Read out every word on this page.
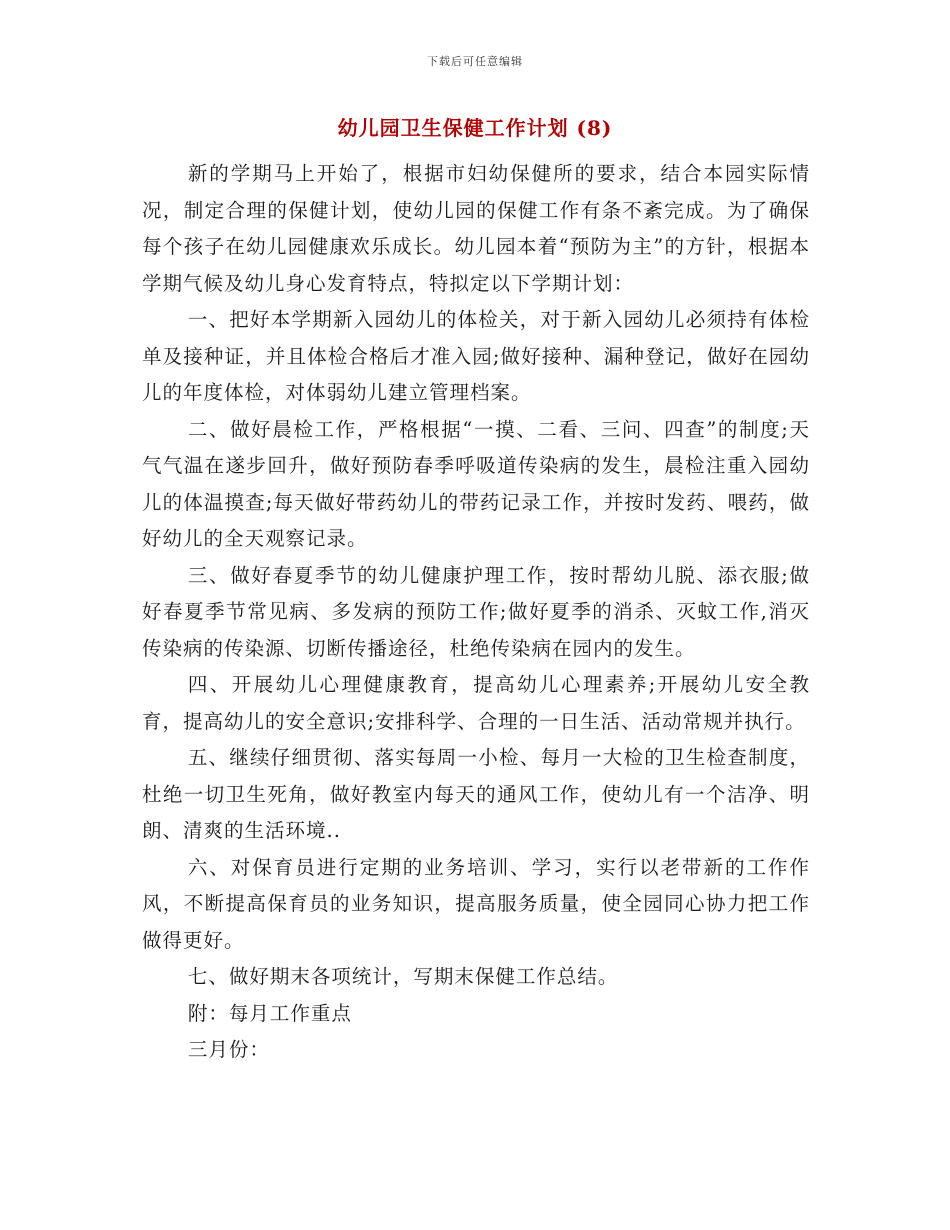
下载后可任意编辑
幼儿园卫生保健工作计划 (8)

新的学期马上开始了，根据市妇幼保健所的要求，结合本园实际情况，制定合理的保健计划，使幼儿园的保健工作有条不紊完成。为了确保每个孩子在幼儿园健康欢乐成长。幼儿园本着“预防为主”的方针，根据本学期气候及幼儿身心发育特点，特拟定以下学期计划：

一、把好本学期新入园幼儿的体检关，对于新入园幼儿必须持有体检单及接种证，并且体检合格后才准入园;做好接种、漏种登记，做好在园幼儿的年度体检，对体弱幼儿建立管理档案。

二、做好晨检工作，严格根据“一摸、二看、三问、四查”的制度;天气气温在遂步回升，做好预防春季呼吸道传染病的发生，晨检注重入园幼儿的体温摸查;每天做好带药幼儿的带药记录工作，并按时发药、喂药，做好幼儿的全天观察记录。

三、做好春夏季节的幼儿健康护理工作，按时帮幼儿脱、添衣服;做好春夏季节常见病、多发病的预防工作;做好夏季的消杀、灭蚊工作,消灭传染病的传染源、切断传播途径，杜绝传染病在园内的发生。

四、开展幼儿心理健康教育，提高幼儿心理素养;开展幼儿安全教育，提高幼儿的安全意识;安排科学、合理的一日生活、活动常规并执行。

五、继续仔细贯彻、落实每周一小检、每月一大检的卫生检查制度，杜绝一切卫生死角，做好教室内每天的通风工作，使幼儿有一个洁净、明朗、清爽的生活环境..

六、对保育员进行定期的业务培训、学习，实行以老带新的工作作风，不断提高保育员的业务知识，提高服务质量，使全园同心协力把工作做得更好。

七、做好期末各项统计，写期末保健工作总结。

附：每月工作重点

三月份：
